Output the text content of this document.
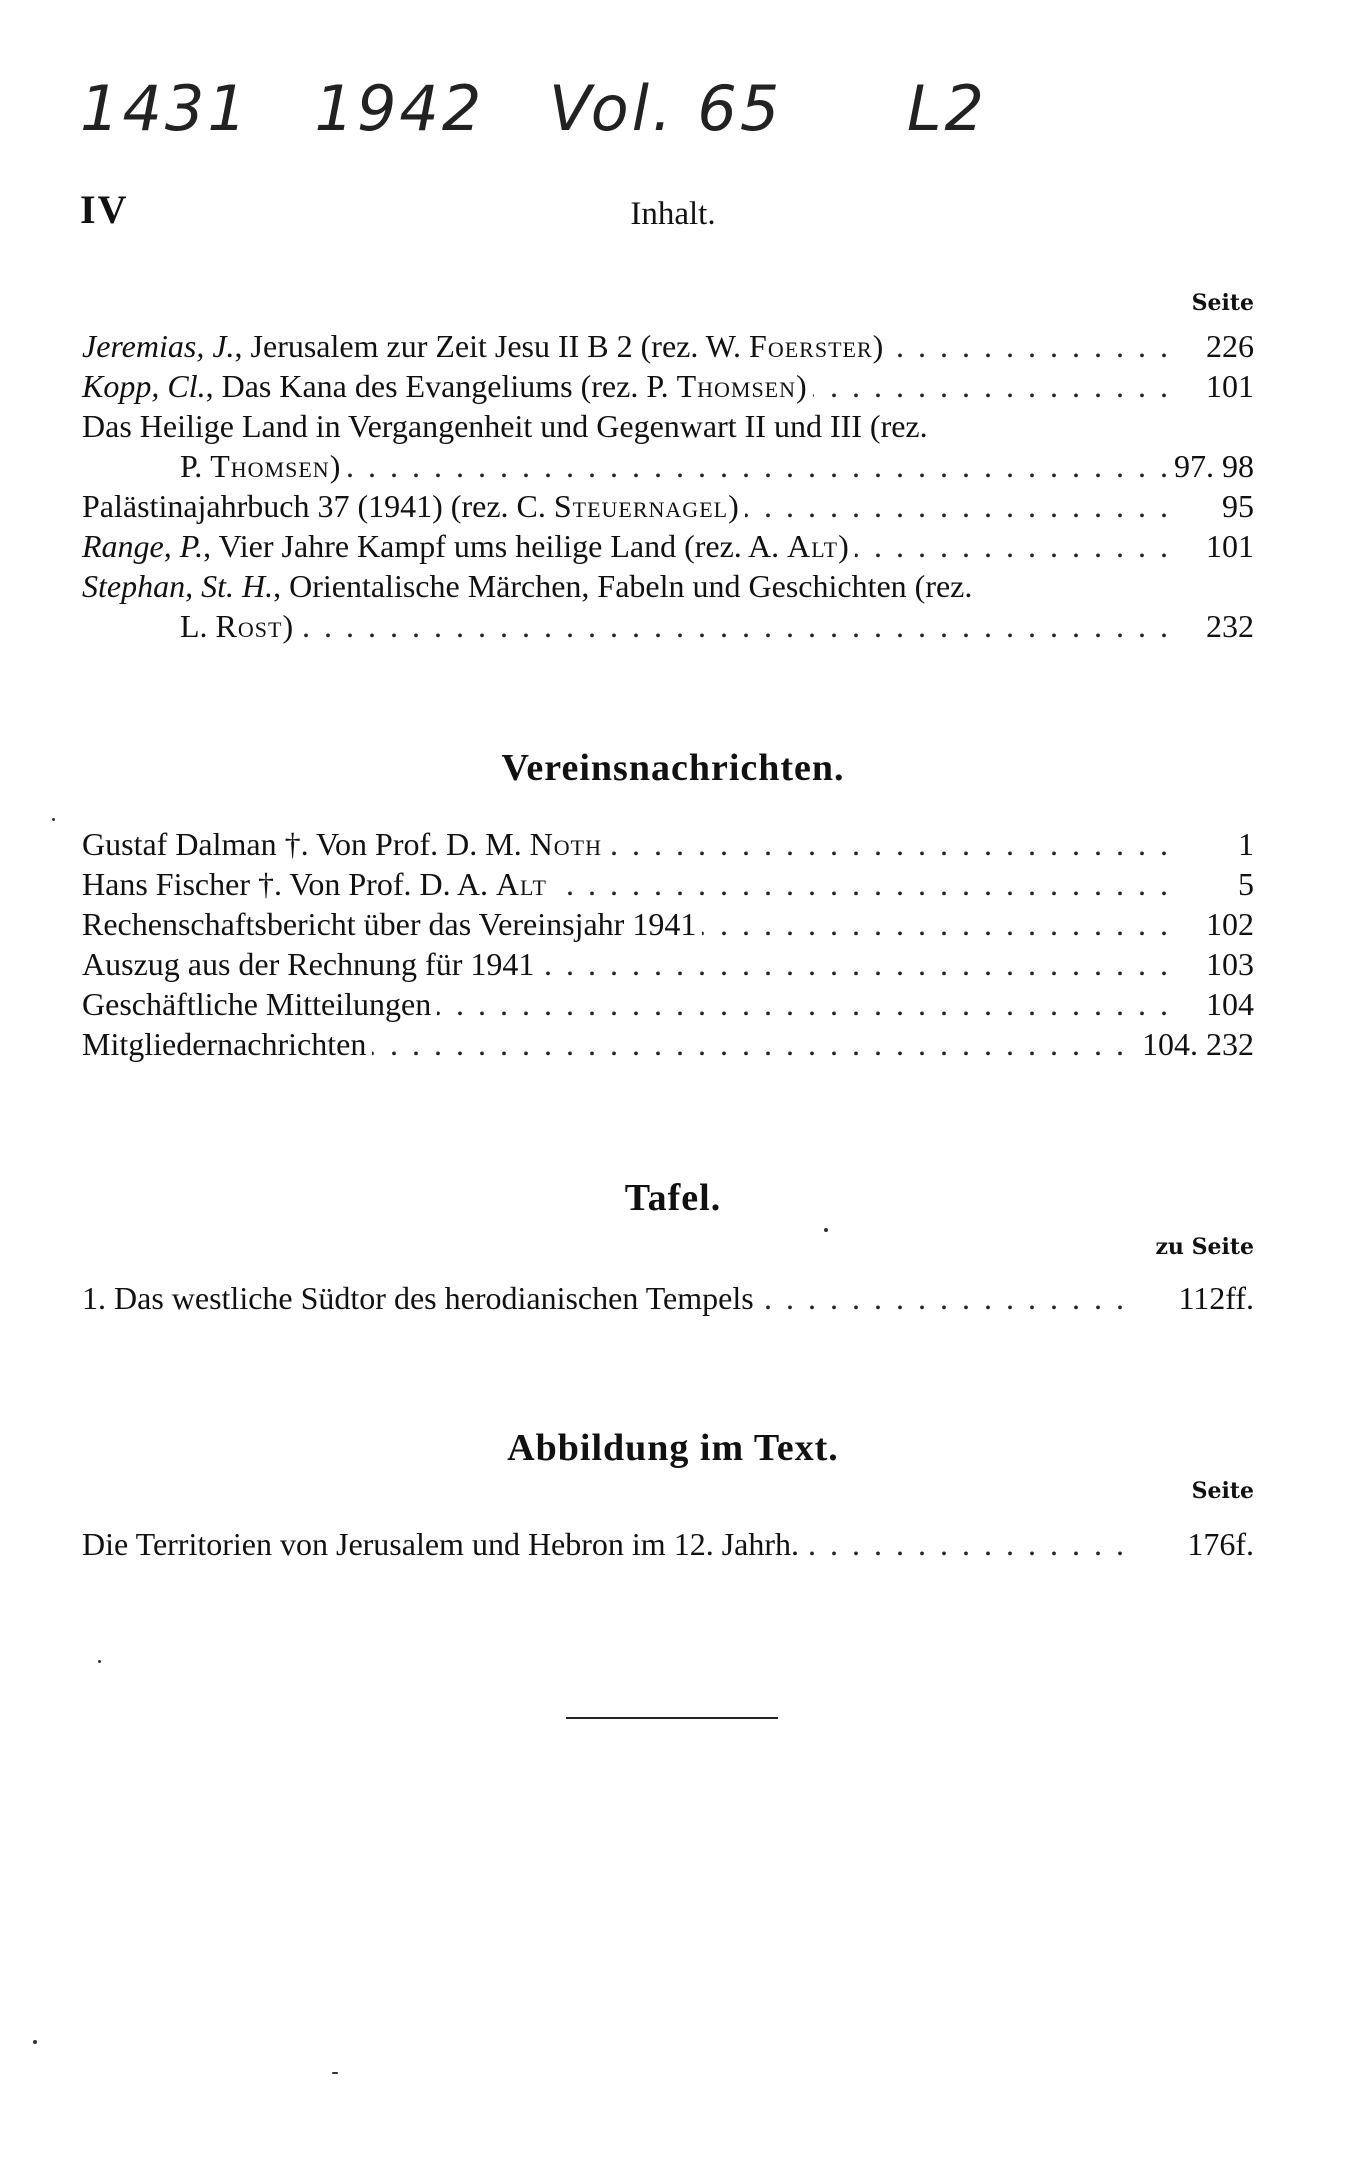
1431 1942 Vol. 65 L2
IV	Inhalt.
Seite
. . .
Jeremias, J., Jerusalem zur Zeit Jesu II B 2 (rez. W. Foerster)	226
. . .
Kopp, Cl., Das Kana des Evangeliums (rez. P. Thomsen)	101
Das Heilige Land in Vergangenheit und Gegenwart II und III (rez.
. . .
P. Thomsen)	97. 98
. . .
Palästinajahrbuch 37 (1941) (rez. C. Steuernagel)	95
. . .
Range, P., Vier Jahre Kampf ums heilige Land (rez. A. Alt)	101
Stephan, St. H., Orientalische Märchen, Fabeln und Geschichten (rez.
. . .
L. Rost)	232
Vereinsnachrichten.
. . .
Gustaf Dalman †. Von Prof. D. M. Noth	1
. . .
Hans Fischer †. Von Prof. D. A. Alt	5
. . .
Rechenschaftsbericht über das Vereinsjahr 1941	102
. . .
Auszug aus der Rechnung für 1941	103
. . .
Geschäftliche Mitteilungen	104
. . .
Mitgliedernachrichten	104. 232
Tafel.
zu Seite
. . .
1. Das westliche Südtor des herodianischen Tempels	112ff.
Abbildung im Text.
Seite
. . .
Die Territorien von Jerusalem und Hebron im 12. Jahrh.	176f.
